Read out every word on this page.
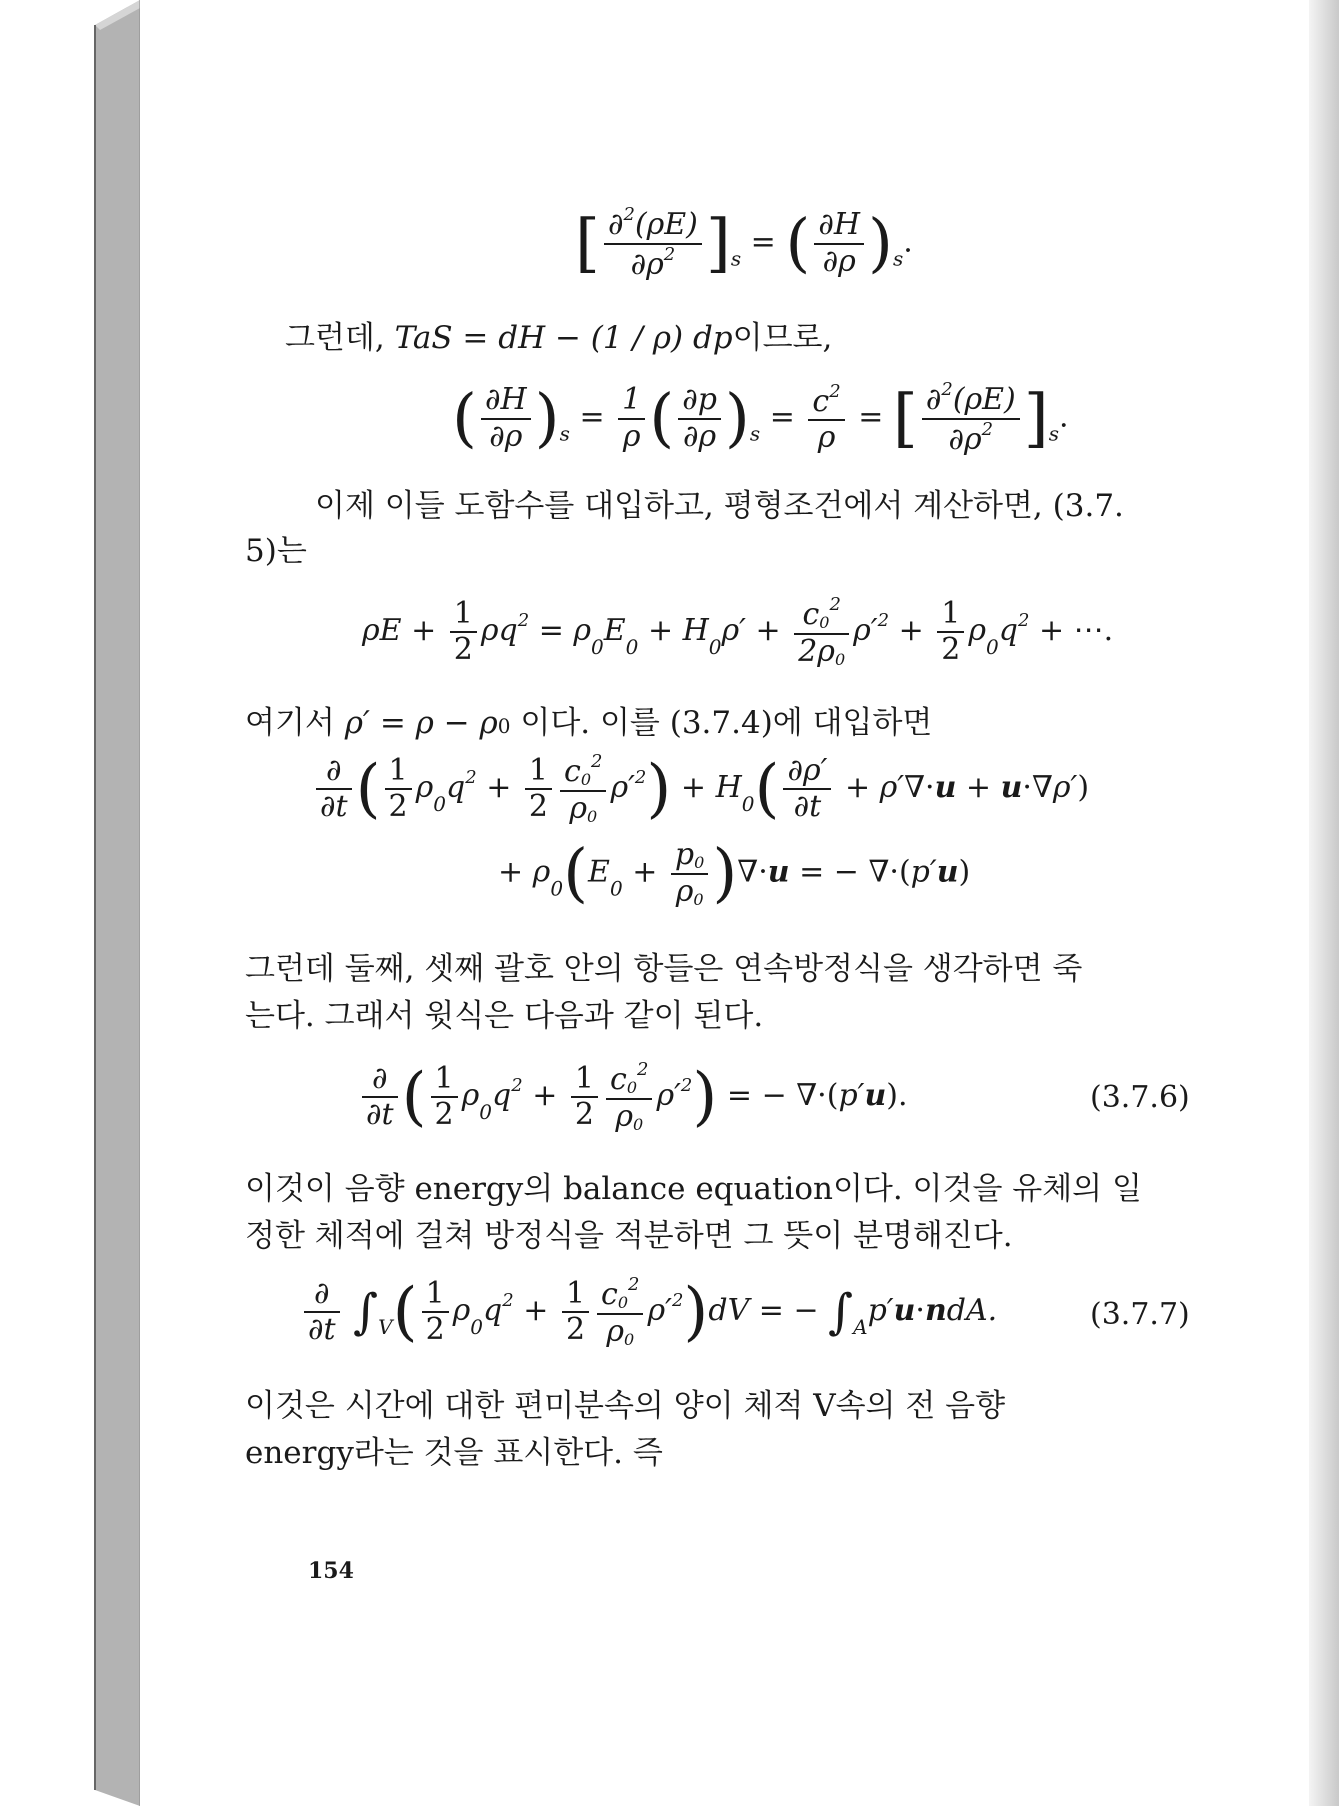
[ $\frac{\partial^2(\rho E)}{\partial\rho^2} ]_s$ = ( $\frac{\partial H}{\partial\rho} )_s$.
그런데, TaS = dH − (1 / ρ) dp이므로,
( $\frac{\partial H}{\partial\rho} )_s = \frac{1}{\rho}$ ( $\frac{\partial p}{\partial\rho} )_s = \frac{c^2}{\rho}$ = [ $\frac{\partial^2(\rho E)}{\partial\rho^2} ]_s$.
이제 이들 도함수를 대입하고, 평형조건에서 계산하면, (3.7.
5)는
$\rho E + \frac{1}{2} \rho q^2 = \rho_0E_0 + H_0\rho' + \frac{c_0^2}{2\rho_0} \rho'^2 + \frac{1}{2} \rho_0q^2$ + ⋯.
여기서 ρ′ = ρ − ρ0 이다. 이를 (3.7.4)에 대입하면
$\frac{\partial}{\partial t}$ ( $\frac{1}{2} \rho_0q^2 + \frac{1}{2} \frac{c_0^2}{\rho_0} \rho'^2) + H_0( \frac{\partial\rho'}{\partial t} + \rho'\nabla\cdot u + u\cdot\nabla\rho')$
+ $\rho_0(E_0 + \frac{p_0}{\rho_0} )\nabla\cdot u$ = − ∇·(p′u)
그런데 둘째, 셋째 괄호 안의 항들은 연속방정식을 생각하면 죽
는다. 그래서 윗식은 다음과 같이 된다.
$\frac{\partial}{\partial t}$ ( $\frac{1}{2} \rho_0q^2 + \frac{1}{2} \frac{c_0^2}{\rho_0} \rho'^2$) = − ∇·(p′u).	(3.7.6)
이것이 음향 energy의 balance equation이다. 이것을 유체의 일
정한 체적에 걸쳐 방정식을 적분하면 그 뜻이 분명해진다.
$\frac{\partial}{\partial t} \int_V( \frac{1}{2} \rho_0q^2 + \frac{1}{2} \frac{c_0^2}{\rho_0} \rho'^2)dV$ = − $\int_Ap'u\cdot ndA$.	(3.7.7)
이것은 시간에 대한 편미분속의 양이 체적 V속의 전 음향
energy라는 것을 표시한다. 즉
154
